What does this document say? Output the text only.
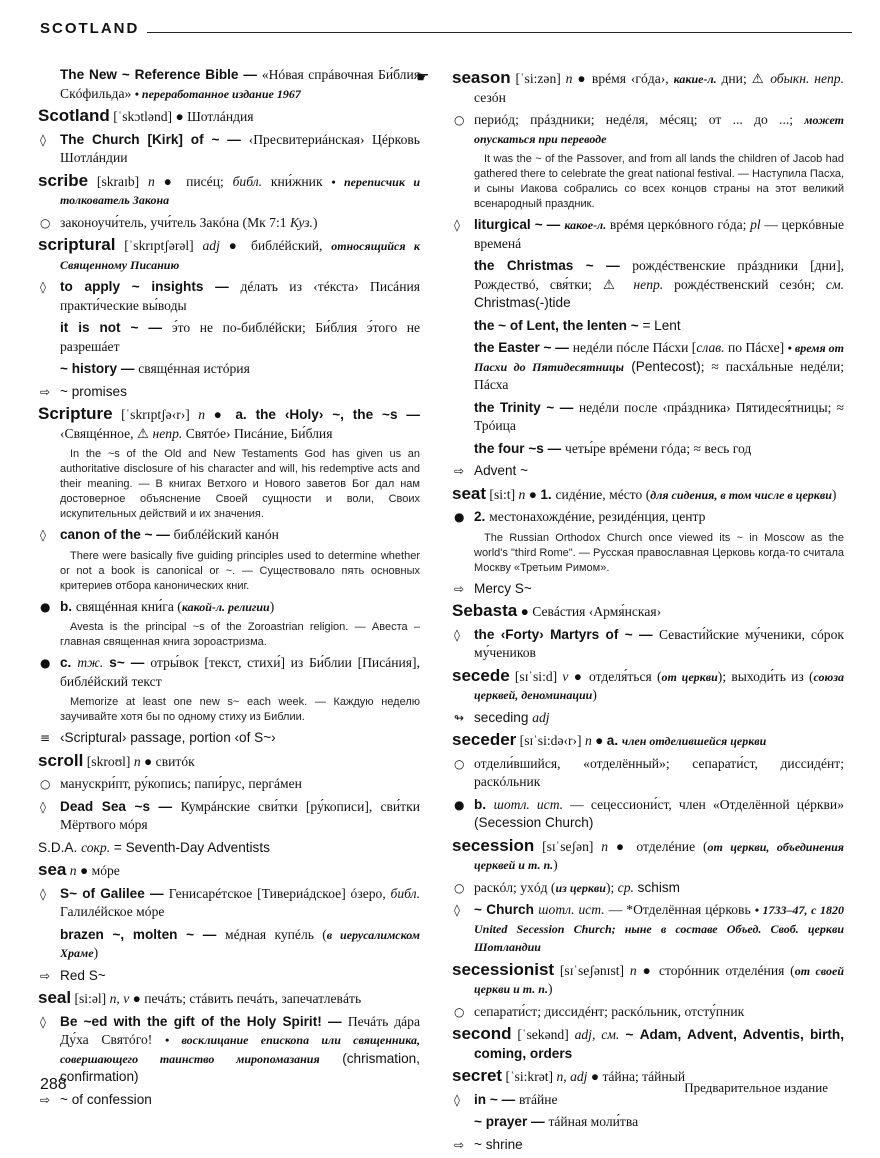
SCOTLAND
The New ~ Reference Bible — «Нóвая спрáвочная Би́блия Скóфильда» • переработанное издание 1967
Scotland [ˈskɔtlənd] ● Шотлáндия
◊ The Church [Kirk] of ~ — ‹Пресвитериáнская› Цéрковь Шотлáндии
scribe [skraɪb] n ● писéц; библ. кни́жник • переписчик и толкователь Закона
○ законоучи́тель, учи́тель Закóна (Мк 7:1 Куз.)
scriptural [ˈskrɪptʃərəl] adj ● библéйский, относящийся к Священному Писанию
◊ to apply ~ insights — дéлать из ‹тéкста› Писáния практи́ческие вы́воды
it is not ~ — э́то не по-библéйски; Би́блия э́того не разрешáет
~ history — свящéнная истóрия
⇨ ~ promises
Scripture [ˈskrɪptʃə‹r›] n ● a. the ‹Holy› ~, the ~s — ‹Свящéнное, ⚠ непр. Святóе› Писáние, Би́блия
In the ~s of the Old and New Testaments God has given us an authoritative disclosure of his character and will, his redemptive acts and their meaning. — В книгах Ветхого и Нового заветов Бог дал нам достоверное объяснение Своей сущности и воли, Своих искупительных действий и их значения.
◊ canon of the ~ — библéйский канóн
There were basically five guiding principles used to determine whether or not a book is canonical or ~. — Существовало пять основных критериев отбора канонических книг.
● b. свящéнная кни́га (какой-л. религии)
Avesta is the principal ~s of the Zoroastrian religion. — Авеста – главная священная книга зороастризма.
● c. тж. s~ — отры́вок [текст, стихи́] из Би́блии [Писáния], библéйский текст
Memorize at least one new s~ each week. — Каждую неделю заучивайте хотя бы по одному стиху из Библии.
≡ ‹Scriptural› passage, portion ‹of S~›
scroll [skroʊl] n ● свитóк
○ манускри́пт, ру́копись; папи́рус, пергáмен
◊ Dead Sea ~s — Кумрáнские сви́тки [ру́кописи], сви́тки Мёртвого мóря
S.D.A. сокр. = Seventh-Day Adventists
sea n ● мóре
◊ S~ of Galilee — Генисарéтское [Тивериáдское] óзеро, библ. Галилéйское мóре
brazen ~, molten ~ — мéдная купéль (в иерусалимском Храме)
⇨ Red S~
seal [si:əl] n, v ● печáть; стáвить печáть, запечатлевáть
◊ Be ~ed with the gift of the Holy Spirit! — Печáть дáра Ду́ха Святóго! • восклицание епископа или священника, совершающего таинство миропомазания (chrismation, confirmation)
⇨ ~ of confession
☛	season [ˈsi:zən] n ● врéмя ‹гóда›, какие-л. дни; ⚠ обыкн. непр. сезóн
○ периóд; прáздники; недéля, мéсяц; от ... до ...; может опускаться при переводе
It was the ~ of the Passover, and from all lands the children of Jacob had gathered there to celebrate the great national festival. — Наступила Пасха, и сыны Иакова собрались со всех концов страны на этот великий всенародный праздник.
◊ liturgical ~ — какое-л. врéмя церкóвного гóда; pl — церкóвные временá
the Christmas ~ — рождéственские прáздники [дни], Рождествó, свя́тки; ⚠ непр. рождéственский сезóн; см. Christmas(-)tide
the ~ of Lent, the lenten ~ = Lent
the Easter ~ — недéли пóсле Пáсхи [слав. по Пáсхе] • время от Пасхи до Пятидесятницы (Pentecost); ≈ пасхáльные недéли; Пáсха
the Trinity ~ — недéли после ‹прáздника› Пятидеся́тницы; ≈ Трóица
the four ~s — четы́ре врéмени гóда; ≈ весь год
⇨ Advent ~
seat [si:t] n ● 1. сидéние, мéсто (для сидения, в том числе в церкви)
● 2. местонахождéние, резидéнция, центр
The Russian Orthodox Church once viewed its ~ in Moscow as the world's "third Rome". — Русская православная Церковь когда-то считала Москву «Третьим Римом».
⇨ Mercy S~
Sebasta ● Севáстия ‹Армя́нская›
◊ the ‹Forty› Martyrs of ~ — Севасти́йские му́ченики, сóрок му́чеников
secede [sɪˈsi:d] v ● отделя́ться (от церкви); выходи́ть из (союза церквей, деноминации)
↬ seceding adj
seceder [sɪˈsi:də‹r›] n ● a. член отделившейся церкви
○ отдели́вшийся, «отделённый»; сепарати́ст, диссидéнт; раскóльник
● b. шотл. ист. — сецессиони́ст, член «Отделённой цéркви» (Secession Church)
secession [sɪˈseʃən] n ● отделéние (от церкви, объединения церквей и т. п.)
○ раскóл; ухóд (из церкви); ср. schism
◊ ~ Church шотл. ист. — *Отделённая цéрковь • 1733–47, с 1820 United Secession Church; ныне в составе Объед. Своб. церкви Шотландии
secessionist [sɪˈseʃənɪst] n ● сторóнник отделéния (от своей церкви и т. п.)
○ сепарати́ст; диссидéнт; раскóльник, отсту́пник
second [ˈsekənd] adj, см. ~ Adam, Advent, Adventis, birth, coming, orders
secret [ˈsi:krət] n, adj ● тáйна; тáйный
◊ in ~ — втáйне
~ prayer — тáйная моли́тва
⇨ ~ shrine
288	Предварительное издание
